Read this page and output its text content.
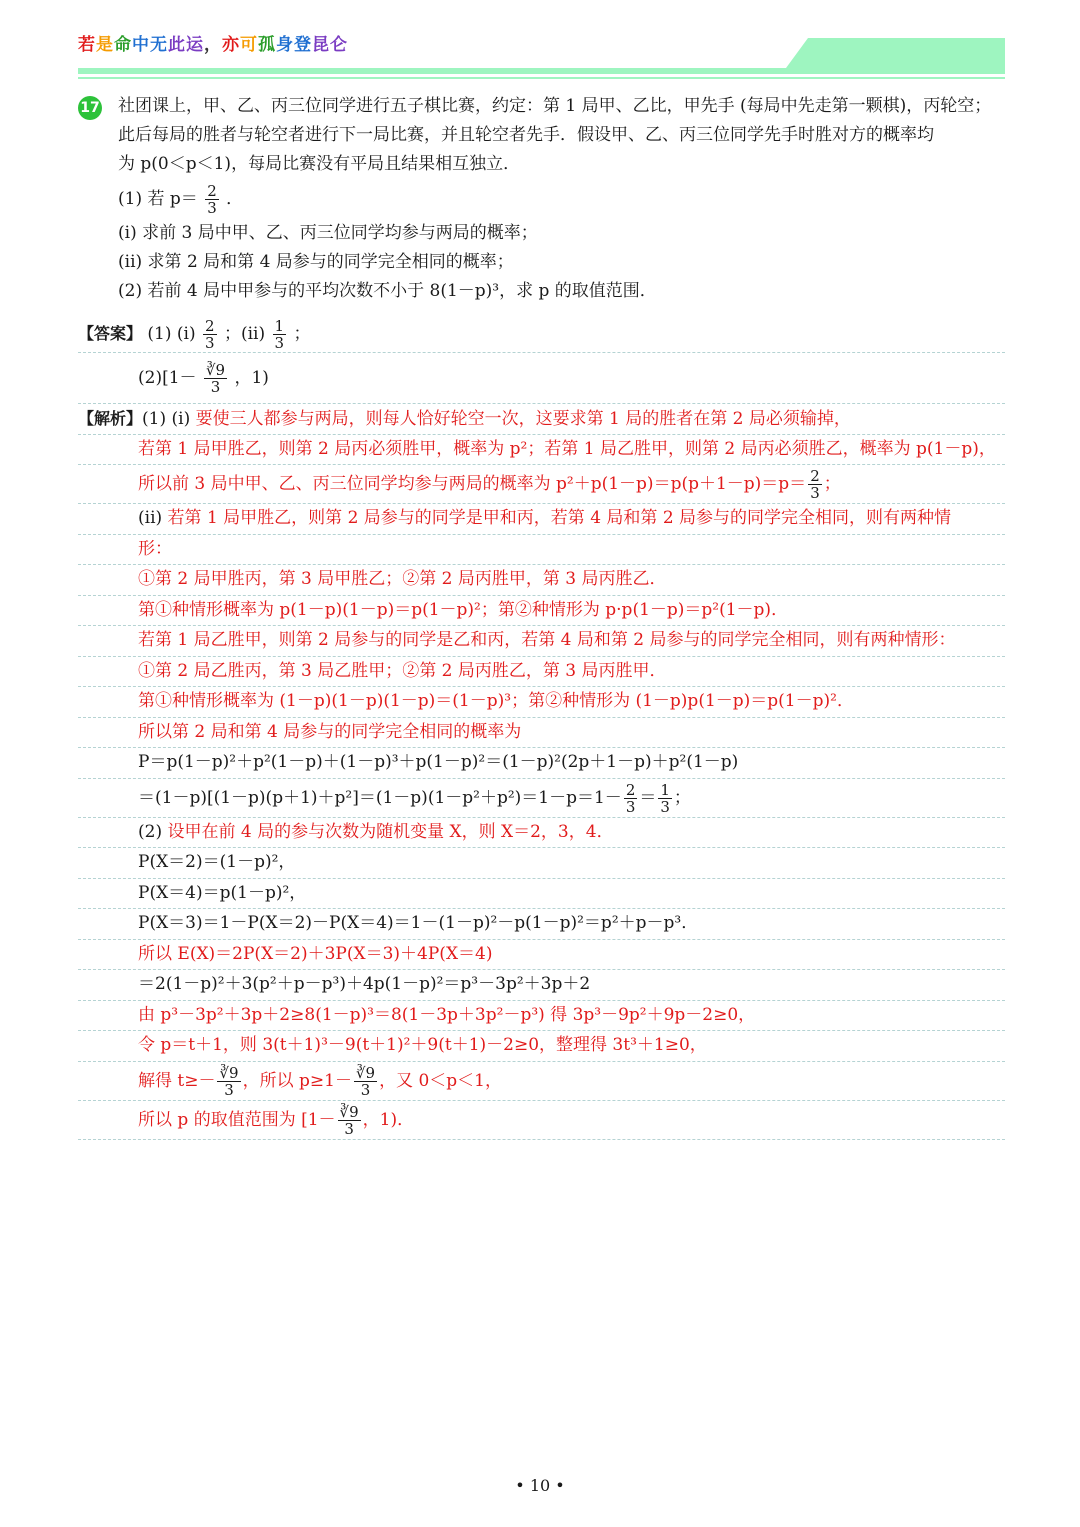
若是命中无此运，亦可孤身登昆仑
17 社团课上，甲、乙、丙三位同学进行五子棋比赛，约定：第 1 局甲、乙比，甲先手 (每局中先走第一颗棋)，丙轮空；

此后每局的胜者与轮空者进行下一局比赛，并且轮空者先手．假设甲、乙、丙三位同学先手时胜对方的概率均

为 p(0＜p＜1)，每局比赛没有平局且结果相互独立．

(1) 若 $p= \frac{2}{3}$ ．

(i) 求前 3 局中甲、乙、丙三位同学均参与两局的概率；

(ii) 求第 2 局和第 4 局参与的同学完全相同的概率；

(2) 若前 4 局中甲参与的平均次数不小于 8(1－p)³，求 p 的取值范围．

【答案】 (1) $(i) \frac{2}{3}$ ；$(ii) \frac{1}{3}$ ；
$(2)[1- \frac{∛9}{3}$ ，1)
【解析】(1) (i) 要使三人都参与两局，则每人恰好轮空一次，这要求第 1 局的胜者在第 2 局必须输掉，
若第 1 局甲胜乙，则第 2 局丙必须胜甲，概率为 p²；若第 1 局乙胜甲，则第 2 局丙必须胜乙，概率为 p(1－p)，
所以前 3 局中甲、乙、丙三位同学均参与两局的概率为 $p^2+p(1-p)=p(p+1-p)=p= \frac{2}{3}$ ；
(ii) 若第 1 局甲胜乙，则第 2 局参与的同学是甲和丙，若第 4 局和第 2 局参与的同学完全相同，则有两种情
形：
①第 2 局甲胜丙，第 3 局甲胜乙；②第 2 局丙胜甲，第 3 局丙胜乙．
第①种情形概率为 p(1－p)(1－p)＝p(1－p)²；第②种情形为 p·p(1－p)＝p²(1－p)．
若第 1 局乙胜甲，则第 2 局参与的同学是乙和丙，若第 4 局和第 2 局参与的同学完全相同，则有两种情形：
①第 2 局乙胜丙，第 3 局乙胜甲；②第 2 局丙胜乙，第 3 局丙胜甲．
第①种情形概率为 (1－p)(1－p)(1－p)＝(1－p)³；第②种情形为 (1－p)p(1－p)＝p(1－p)²．
所以第 2 局和第 4 局参与的同学完全相同的概率为
P＝p(1－p)²＋p²(1－p)＋(1－p)³＋p(1－p)²＝(1－p)²(2p＋1－p)＋p²(1－p)
$=(1-p)[(1-p)(p+1)+p^2]=(1-p)(1-p^2+p^2)=1-p=1- \frac{2}{3} = \frac{1}{3}$ ；
(2) 设甲在前 4 局的参与次数为随机变量 X，则 X＝2，3，4．
P(X＝2)＝(1－p)²，
P(X＝4)＝p(1－p)²，
P(X＝3)＝1－P(X＝2)－P(X＝4)＝1－(1－p)²－p(1－p)²＝p²＋p－p³．
所以 E(X)＝2P(X＝2)＋3P(X＝3)＋4P(X＝4)
＝2(1－p)²＋3(p²＋p－p³)＋4p(1－p)²＝p³－3p²＋3p＋2
由 p³－3p²＋3p＋2≥8(1－p)³＝8(1－3p＋3p²－p³) 得 3p³－9p²＋9p－2≥0，
令 p＝t＋1，则 3(t＋1)³－9(t＋1)²＋9(t＋1)－2≥0，整理得 3t³＋1≥0，
解得 $t\ge- \frac{∛9}{3}$ ，所以 $p\ge 1- \frac{∛9}{3}$ ，又 0＜p＜1，
所以 p 的取值范围为 [$1- \frac{∛9}{3}$ ，1)．
• 10 •
